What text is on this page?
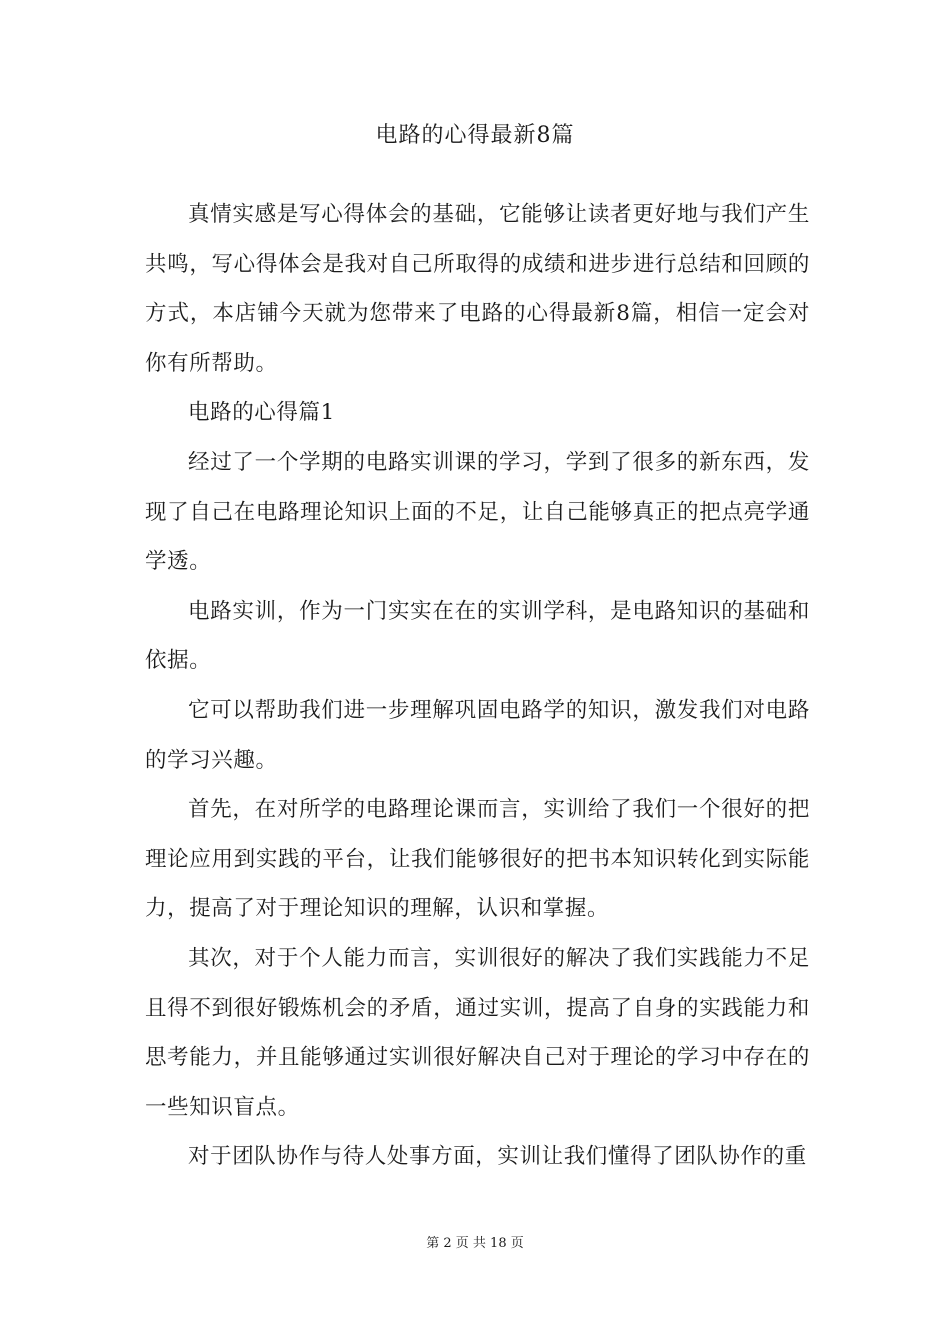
电路的心得最新8篇

真情实感是写心得体会的基础，它能够让读者更好地与我们产生共鸣，写心得体会是我对自己所取得的成绩和进步进行总结和回顾的方式，本店铺今天就为您带来了电路的心得最新8篇，相信一定会对你有所帮助。

电路的心得篇1

经过了一个学期的电路实训课的学习，学到了很多的新东西，发现了自己在电路理论知识上面的不足，让自己能够真正的把点亮学通学透。

电路实训，作为一门实实在在的实训学科，是电路知识的基础和依据。

它可以帮助我们进一步理解巩固电路学的知识，激发我们对电路的学习兴趣。

首先，在对所学的电路理论课而言，实训给了我们一个很好的把理论应用到实践的平台，让我们能够很好的把书本知识转化到实际能力，提高了对于理论知识的理解，认识和掌握。

其次，对于个人能力而言，实训很好的解决了我们实践能力不足且得不到很好锻炼机会的矛盾，通过实训，提高了自身的实践能力和思考能力，并且能够通过实训很好解决自己对于理论的学习中存在的一些知识盲点。

对于团队协作与待人处事方面，实训让我们懂得了团队协作的重

第 2 页 共 18 页
